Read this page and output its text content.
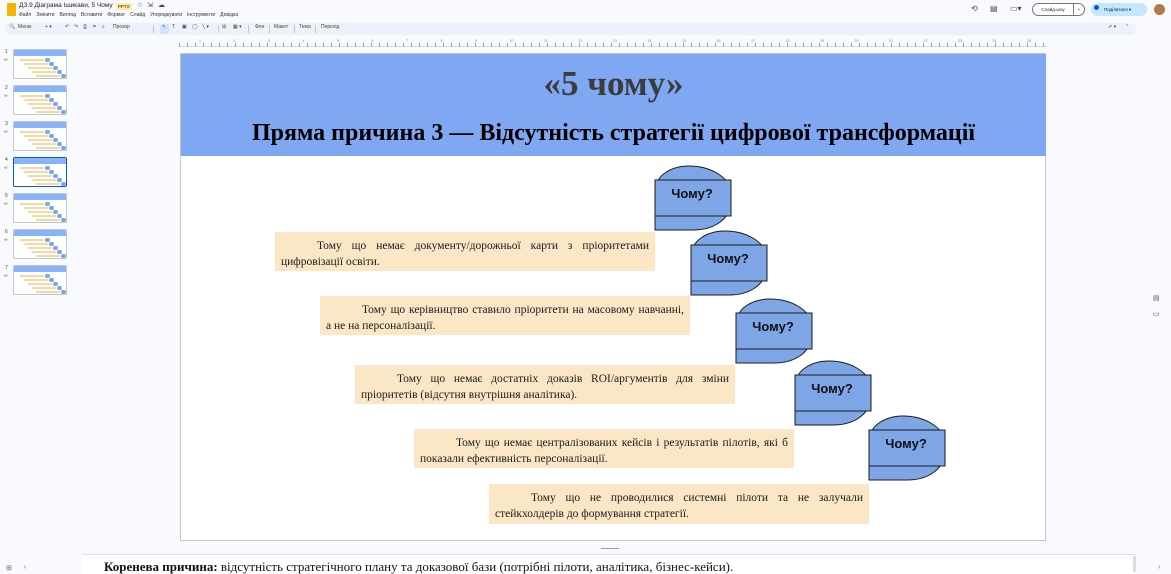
ДЗ.9 Діаграма Ішикави, 5 Чому	PPTX ☆ ⇲ ☁
Файл Змінити Вигляд Вставити Формат Слайд Упорядкувати Інструменти Довідка
⟲ ▤ ▭▾	Слайд-шоу	⌄	Поділитися ▾
🔍 Меню	+ ▾	↶ ↷ ⎙ ⌗ ⌕ Прозор	↖ T ▣ ◯ ╲ ▾	⊞ ▦ ▾	Фон Макет Тема Перехід	➚ ▾ ⌃
1	2	3	4	5	6	7	8	9	10	11	12	13	14	15	16	17	18	19	20	21	22	23	24	25
1
∞
2
∞
3
∞
4
∞
5
∞
6
∞
7
∞
▤
▭
«5 чому»
Пряма причина 3 — Відсутність стратегії цифрової трансформації
Тому що немає документу/дорожньої карти з пріоритетами цифровізації освіти.
Тому що керівництво ставило пріоритети на масовому навчанні, а не на персоналізації.
Тому що немає достатніх доказів ROI/аргументів для зміни пріоритетів (відсутня внутрішня аналітика).
Тому що немає централізованих кейсів і результатів пілотів, які б показали ефективність персоналізації.
Тому що не проводилися системні пілоти та не залучали стейкхолдерів до формування стратегії.
Чому?
Чому?
Чому?
Чому?
Чому?
Коренева причина: відсутність стратегічного плану та доказової бази (потрібні пілоти, аналітика, бізнес-кейси).
⊞ ‹	›
